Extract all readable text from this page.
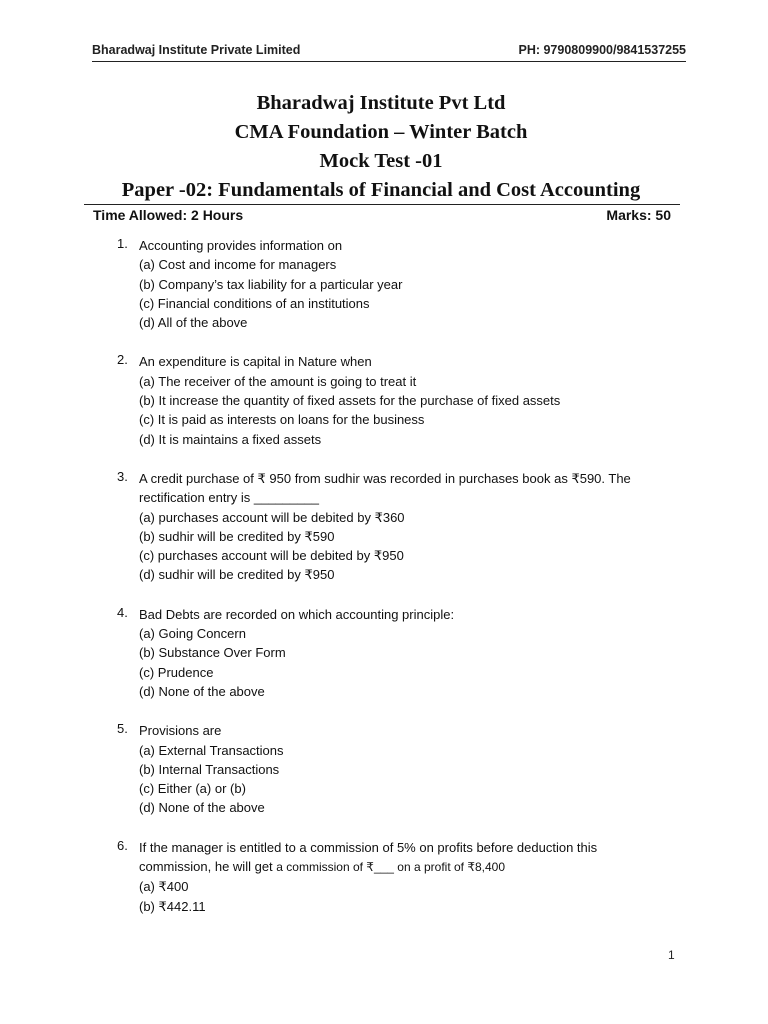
Bharadwaj Institute Private Limited	PH: 9790809900/9841537255
Bharadwaj Institute Pvt Ltd
CMA Foundation – Winter Batch
Mock Test -01
Paper -02: Fundamentals of Financial and Cost Accounting
Time Allowed: 2 Hours	Marks: 50
1. Accounting provides information on
(a) Cost and income for managers
(b) Company’s tax liability for a particular year
(c) Financial conditions of an institutions
(d) All of the above
2. An expenditure is capital in Nature when
(a) The receiver of the amount is going to treat it
(b) It increase the quantity of fixed assets for the purchase of fixed assets
(c) It is paid as interests on loans for the business
(d) It is maintains a fixed assets
3. A credit purchase of ₹ 950 from sudhir was recorded in purchases book as ₹590. The
rectification entry is _________
(a) purchases account will be debited by ₹360
(b) sudhir will be credited by ₹590
(c) purchases account will be debited by ₹950
(d) sudhir will be credited by ₹950
4. Bad Debts are recorded on which accounting principle:
(a) Going Concern
(b) Substance Over Form
(c) Prudence
(d) None of the above
5. Provisions are
(a) External Transactions
(b) Internal Transactions
(c) Either (a) or (b)
(d) None of the above
6. If the manager is entitled to a commission of 5% on profits before deduction this
commission, he will get a commission of ₹___ on a profit of ₹8,400
(a) ₹400
(b) ₹442.11
1
